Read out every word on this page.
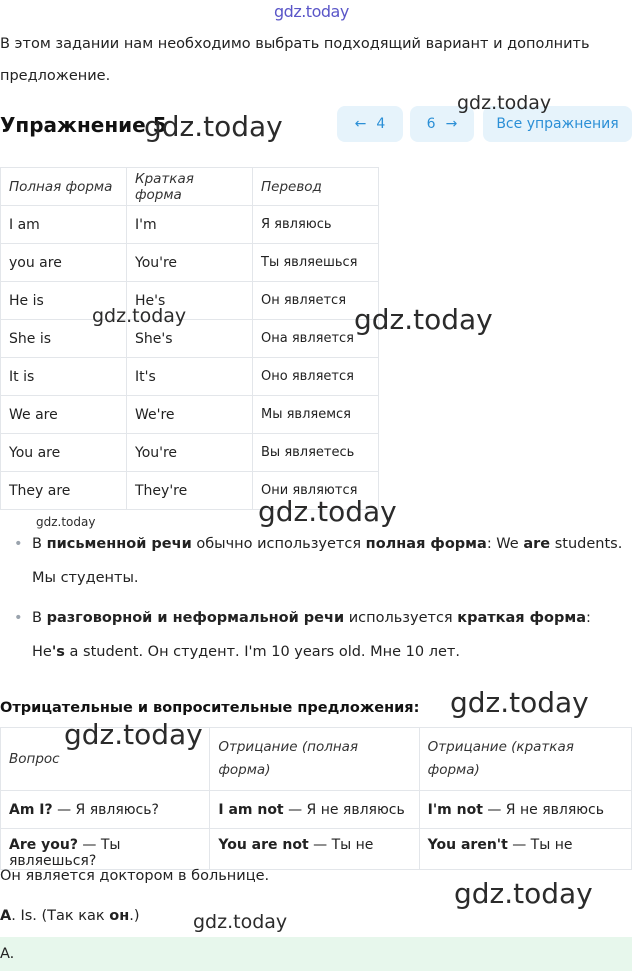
gdz.today
В этом задании нам необходимо выбрать подходящий вариант и дополнить предложение.
Упражнение 5
gdz.today	← 4	6 →	Все упражнения
gdz.today
Полная форма	Краткая форма	Перевод
I am	I'm	Я являюсь
you are	You're	Ты являешься
He is	He's	Он является
She is	She's	Она является
It is	It's	Оно является
We are	We're	Мы являемся
You are	You're	Вы являетесь
They are	They're	Они являются
gdz.today	gdz.today
gdz.today
gdz.today
• В письменной речи обычно используется полная форма: We are students. Мы студенты.
• В разговорной и неформальной речи используется краткая форма: He's a student. Он студент. I'm 10 years old. Мне 10 лет.
Отрицательные и вопросительные предложения: gdz.today
Вопрос	Отрицание (полная форма)	Отрицание (краткая форма)
Am I? — Я являюсь?	I am not — Я не являюсь	I'm not — Я не являюсь
Are you? — Ты являешься?	You are not — Ты не	You aren't — Ты не
gdz.today
Он является доктором в больнице.
gdz.today
A. Is. (Так как он.)	gdz.today
A.
